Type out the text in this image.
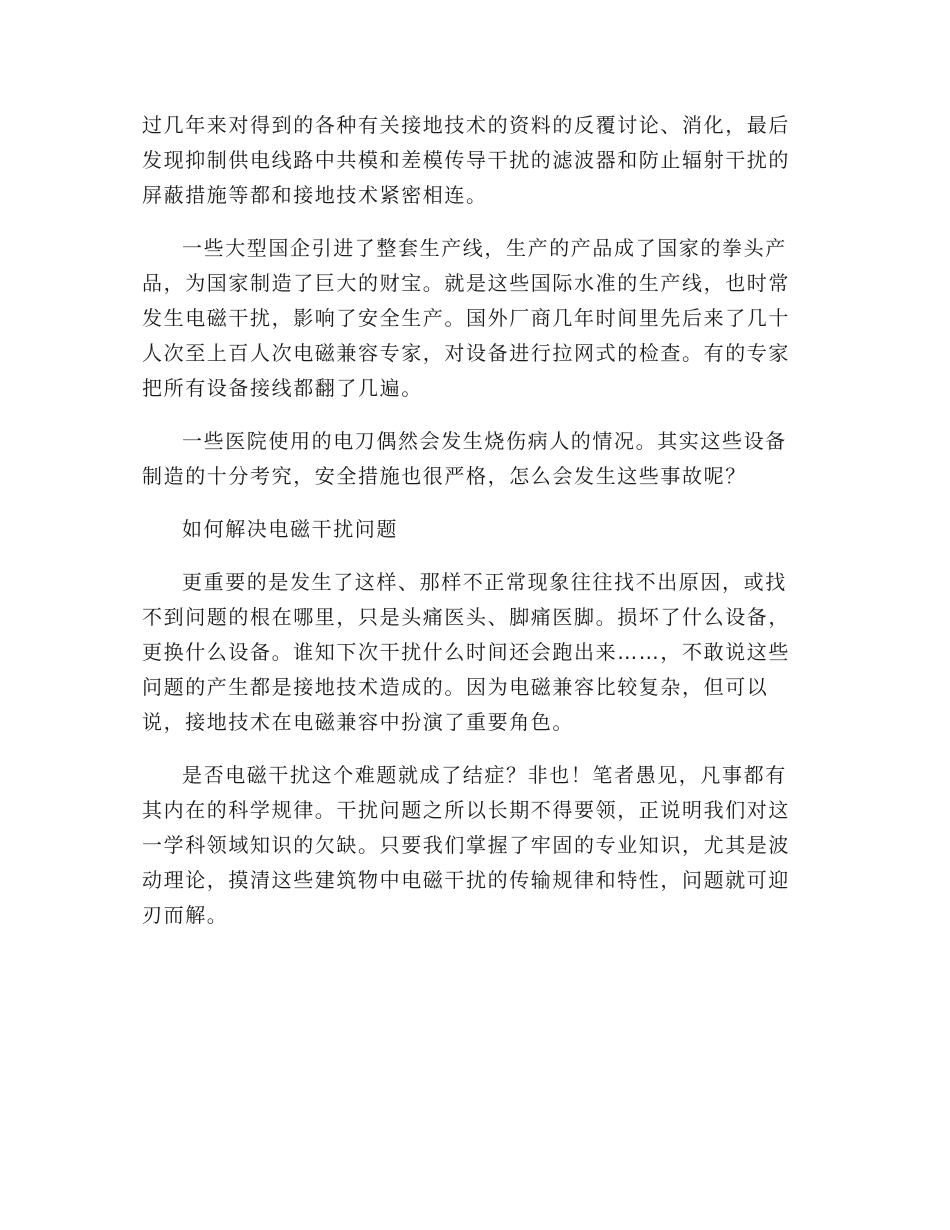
过几年来对得到的各种有关接地技术的资料的反覆讨论、消化，最后
发现抑制供电线路中共模和差模传导干扰的滤波器和防止辐射干扰的
屏蔽措施等都和接地技术紧密相连。

一些大型国企引进了整套生产线，生产的产品成了国家的拳头产
品，为国家制造了巨大的财宝。就是这些国际水准的生产线，也时常
发生电磁干扰，影响了安全生产。国外厂商几年时间里先后来了几十
人次至上百人次电磁兼容专家，对设备进行拉网式的检查。有的专家
把所有设备接线都翻了几遍。

一些医院使用的电刀偶然会发生烧伤病人的情况。其实这些设备
制造的十分考究，安全措施也很严格，怎么会发生这些事故呢？

如何解决电磁干扰问题

更重要的是发生了这样、那样不正常现象往往找不出原因，或找
不到问题的根在哪里，只是头痛医头、脚痛医脚。损坏了什么设备，
更换什么设备。谁知下次干扰什么时间还会跑出来……，不敢说这些
问题的产生都是接地技术造成的。因为电磁兼容比较复杂，但可以
说，接地技术在电磁兼容中扮演了重要角色。

是否电磁干扰这个难题就成了结症？非也！笔者愚见，凡事都有
其内在的科学规律。干扰问题之所以长期不得要领，正说明我们对这
一学科领域知识的欠缺。只要我们掌握了牢固的专业知识，尤其是波
动理论，摸清这些建筑物中电磁干扰的传输规律和特性，问题就可迎
刃而解。
